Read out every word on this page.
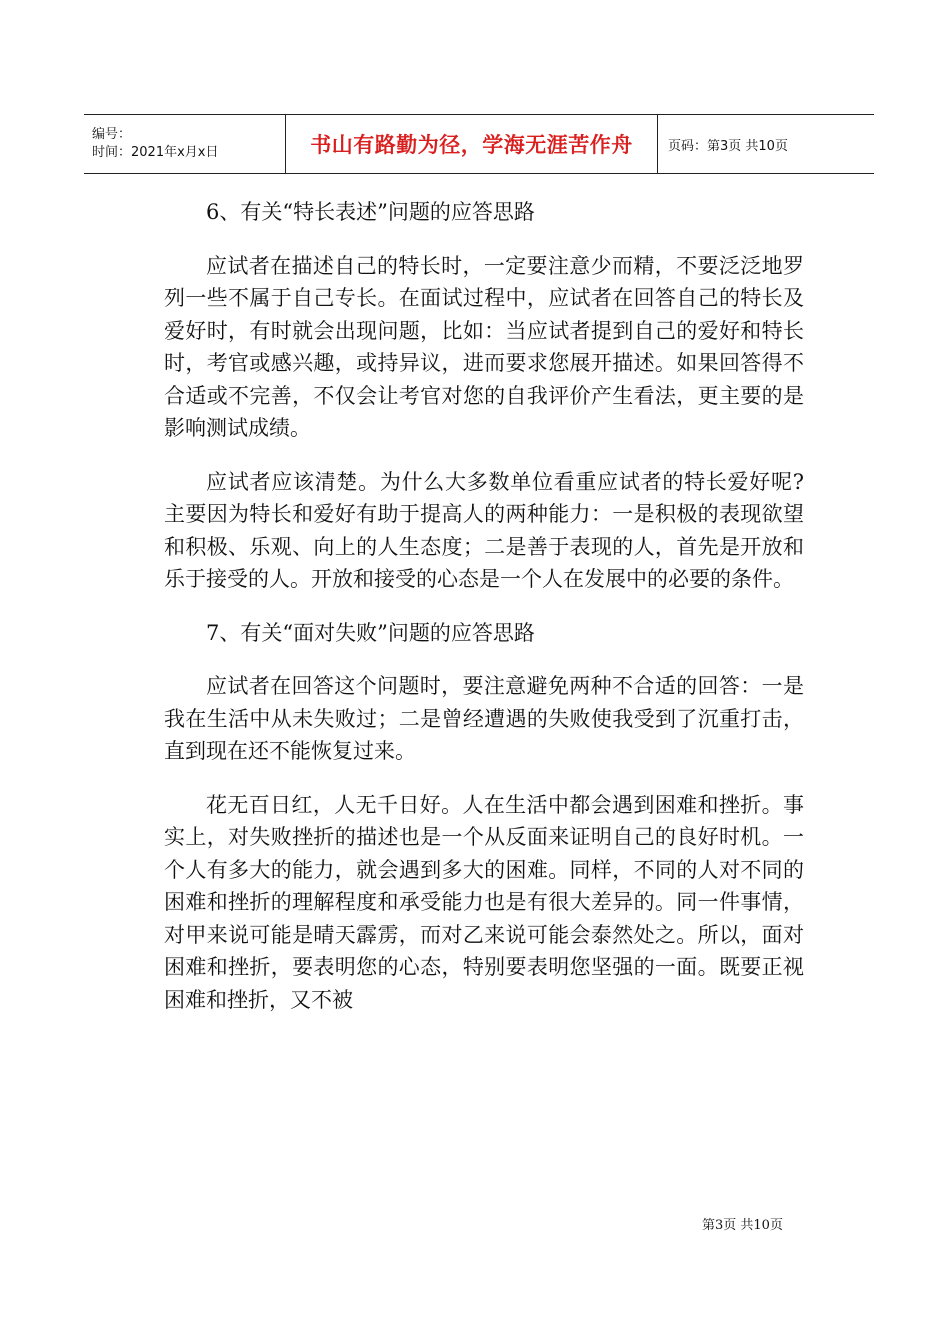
编号：
时间：2021年x月x日	书山有路勤为径，学海无涯苦作舟	页码：第3页 共10页
6、有关“特长表述”问题的应答思路

应试者在描述自己的特长时，一定要注意少而精，不要泛泛地罗列一些不属于自己专长。在面试过程中，应试者在回答自己的特长及爱好时，有时就会出现问题，比如：当应试者提到自己的爱好和特长时，考官或感兴趣，或持异议，进而要求您展开描述。如果回答得不合适或不完善，不仅会让考官对您的自我评价产生看法，更主要的是影响测试成绩。

应试者应该清楚。为什么大多数单位看重应试者的特长爱好呢?主要因为特长和爱好有助于提高人的两种能力：一是积极的表现欲望和积极、乐观、向上的人生态度；二是善于表现的人，首先是开放和乐于接受的人。开放和接受的心态是一个人在发展中的必要的条件。

7、有关“面对失败”问题的应答思路

应试者在回答这个问题时，要注意避免两种不合适的回答：一是我在生活中从未失败过；二是曾经遭遇的失败使我受到了沉重打击，直到现在还不能恢复过来。

花无百日红，人无千日好。人在生活中都会遇到困难和挫折。事实上，对失败挫折的描述也是一个从反面来证明自己的良好时机。一个人有多大的能力，就会遇到多大的困难。同样，不同的人对不同的困难和挫折的理解程度和承受能力也是有很大差异的。同一件事情，对甲来说可能是晴天霹雳，而对乙来说可能会泰然处之。所以，面对困难和挫折，要表明您的心态，特别要表明您坚强的一面。既要正视困难和挫折，又不被

第3页 共10页
